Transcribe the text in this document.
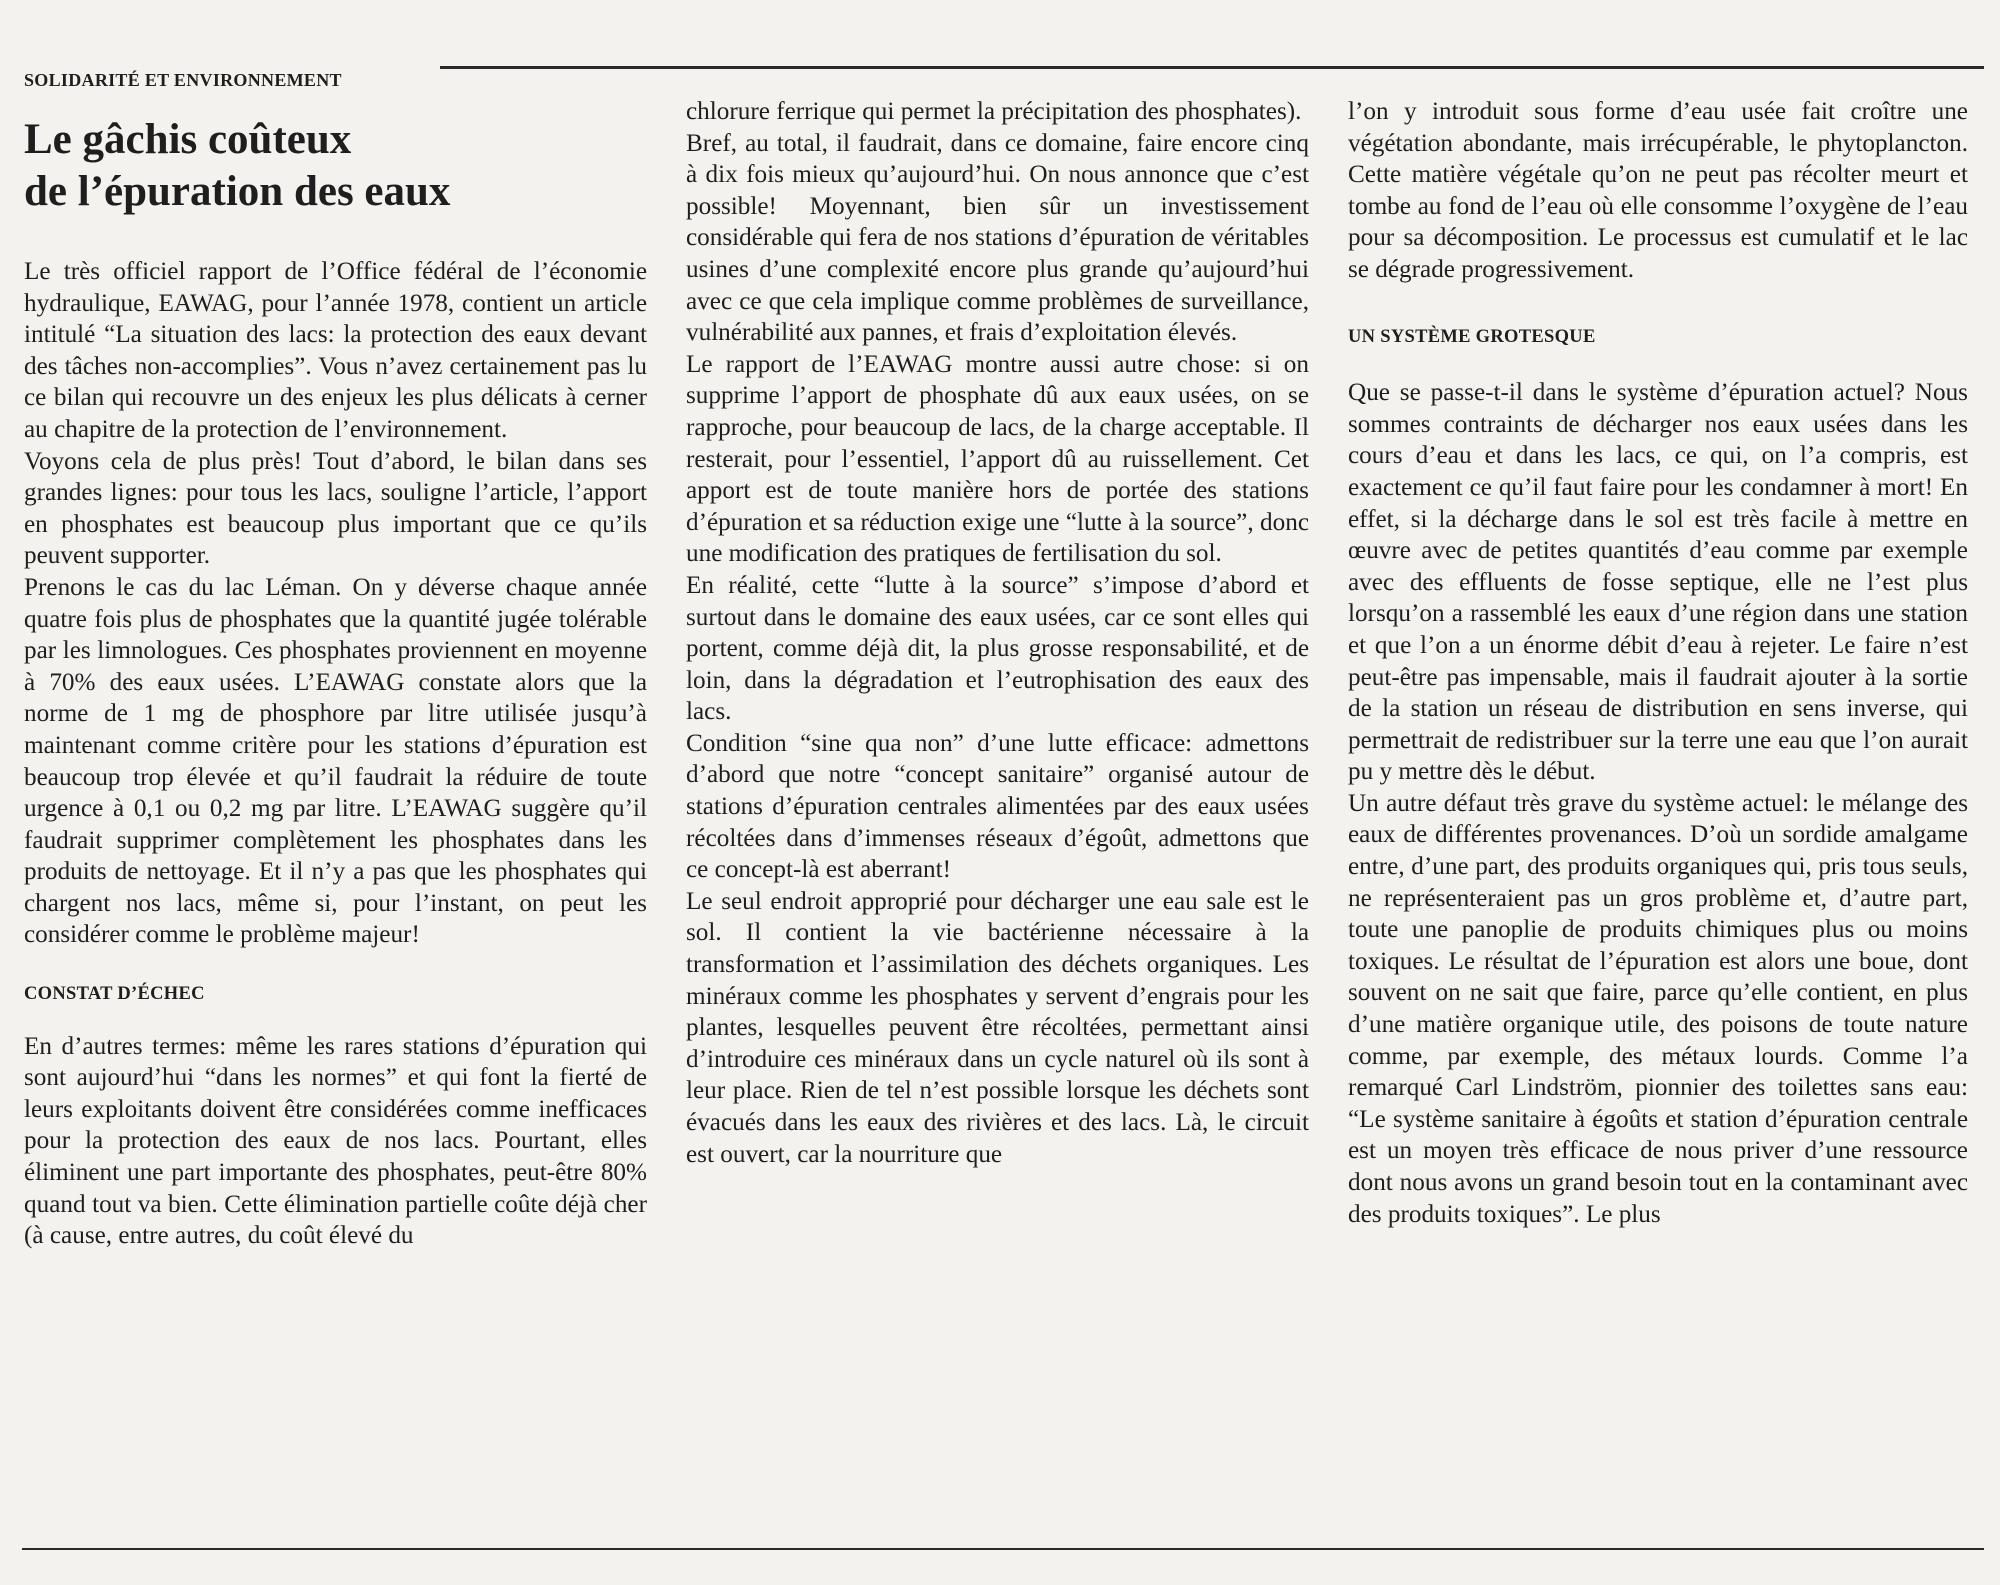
SOLIDARITÉ ET ENVIRONNEMENT
Le gâchis coûteux
de l’épuration des eaux

Le très officiel rapport de l’Office fédéral de l’économie hydraulique, EAWAG, pour l’année 1978, contient un article intitulé “La situation des lacs: la protection des eaux devant des tâches non-accomplies”. Vous n’avez certainement pas lu ce bilan qui recouvre un des enjeux les plus délicats à cerner au chapitre de la protection de l’environnement.

Voyons cela de plus près! Tout d’abord, le bilan dans ses grandes lignes: pour tous les lacs, souligne l’article, l’apport en phosphates est beaucoup plus important que ce qu’ils peuvent supporter.

Prenons le cas du lac Léman. On y déverse chaque année quatre fois plus de phosphates que la quantité jugée tolérable par les limnologues. Ces phosphates proviennent en moyenne à 70% des eaux usées. L’EAWAG constate alors que la norme de 1 mg de phosphore par litre utilisée jusqu’à maintenant comme critère pour les stations d’épuration est beaucoup trop élevée et qu’il faudrait la réduire de toute urgence à 0,1 ou 0,2 mg par litre. L’EAWAG suggère qu’il faudrait supprimer complètement les phosphates dans les produits de nettoyage. Et il n’y a pas que les phosphates qui chargent nos lacs, même si, pour l’instant, on peut les considérer comme le problème majeur!

CONSTAT D’ÉCHEC

En d’autres termes: même les rares stations d’épuration qui sont aujourd’hui “dans les normes” et qui font la fierté de leurs exploitants doivent être considérées comme inefficaces pour la protection des eaux de nos lacs. Pourtant, elles éliminent une part importante des phosphates, peut-être 80% quand tout va bien. Cette élimination partielle coûte déjà cher (à cause, entre autres, du coût élevé du

chlorure ferrique qui permet la précipitation des phosphates).

Bref, au total, il faudrait, dans ce domaine, faire encore cinq à dix fois mieux qu’aujourd’hui. On nous annonce que c’est possible! Moyennant, bien sûr un investissement considérable qui fera de nos stations d’épuration de véritables usines d’une complexité encore plus grande qu’aujourd’hui avec ce que cela implique comme problèmes de surveillance, vulnérabilité aux pannes, et frais d’exploitation élevés.

Le rapport de l’EAWAG montre aussi autre chose: si on supprime l’apport de phosphate dû aux eaux usées, on se rapproche, pour beaucoup de lacs, de la charge acceptable. Il resterait, pour l’essentiel, l’apport dû au ruissellement. Cet apport est de toute manière hors de portée des stations d’épuration et sa réduction exige une “lutte à la source”, donc une modification des pratiques de fertilisation du sol.

En réalité, cette “lutte à la source” s’impose d’abord et surtout dans le domaine des eaux usées, car ce sont elles qui portent, comme déjà dit, la plus grosse responsabilité, et de loin, dans la dégradation et l’eutrophisation des eaux des lacs.

Condition “sine qua non” d’une lutte efficace: admettons d’abord que notre “concept sanitaire” organisé autour de stations d’épuration centrales alimentées par des eaux usées récoltées dans d’immenses réseaux d’égoût, admettons que ce concept-là est aberrant!

Le seul endroit approprié pour décharger une eau sale est le sol. Il contient la vie bactérienne nécessaire à la transformation et l’assimilation des déchets organiques. Les minéraux comme les phosphates y servent d’engrais pour les plantes, lesquelles peuvent être récoltées, permettant ainsi d’introduire ces minéraux dans un cycle naturel où ils sont à leur place. Rien de tel n’est possible lorsque les déchets sont évacués dans les eaux des rivières et des lacs. Là, le circuit est ouvert, car la nourriture que

l’on y introduit sous forme d’eau usée fait croître une végétation abondante, mais irrécupérable, le phytoplancton. Cette matière végétale qu’on ne peut pas récolter meurt et tombe au fond de l’eau où elle consomme l’oxygène de l’eau pour sa décomposition. Le processus est cumulatif et le lac se dégrade progressivement.

UN SYSTÈME GROTESQUE

Que se passe-t-il dans le système d’épuration actuel? Nous sommes contraints de décharger nos eaux usées dans les cours d’eau et dans les lacs, ce qui, on l’a compris, est exactement ce qu’il faut faire pour les condamner à mort! En effet, si la décharge dans le sol est très facile à mettre en œuvre avec de petites quantités d’eau comme par exemple avec des effluents de fosse septique, elle ne l’est plus lorsqu’on a rassemblé les eaux d’une région dans une station et que l’on a un énorme débit d’eau à rejeter. Le faire n’est peut-être pas impensable, mais il faudrait ajouter à la sortie de la station un réseau de distribution en sens inverse, qui permettrait de redistribuer sur la terre une eau que l’on aurait pu y mettre dès le début.

Un autre défaut très grave du système actuel: le mélange des eaux de différentes provenances. D’où un sordide amalgame entre, d’une part, des produits organiques qui, pris tous seuls, ne représenteraient pas un gros problème et, d’autre part, toute une panoplie de produits chimiques plus ou moins toxiques. Le résultat de l’épuration est alors une boue, dont souvent on ne sait que faire, parce qu’elle contient, en plus d’une matière organique utile, des poisons de toute nature comme, par exemple, des métaux lourds. Comme l’a remarqué Carl Lindström, pionnier des toilettes sans eau: “Le système sanitaire à égoûts et station d’épuration centrale est un moyen très efficace de nous priver d’une ressource dont nous avons un grand besoin tout en la contaminant avec des produits toxiques”. Le plus
